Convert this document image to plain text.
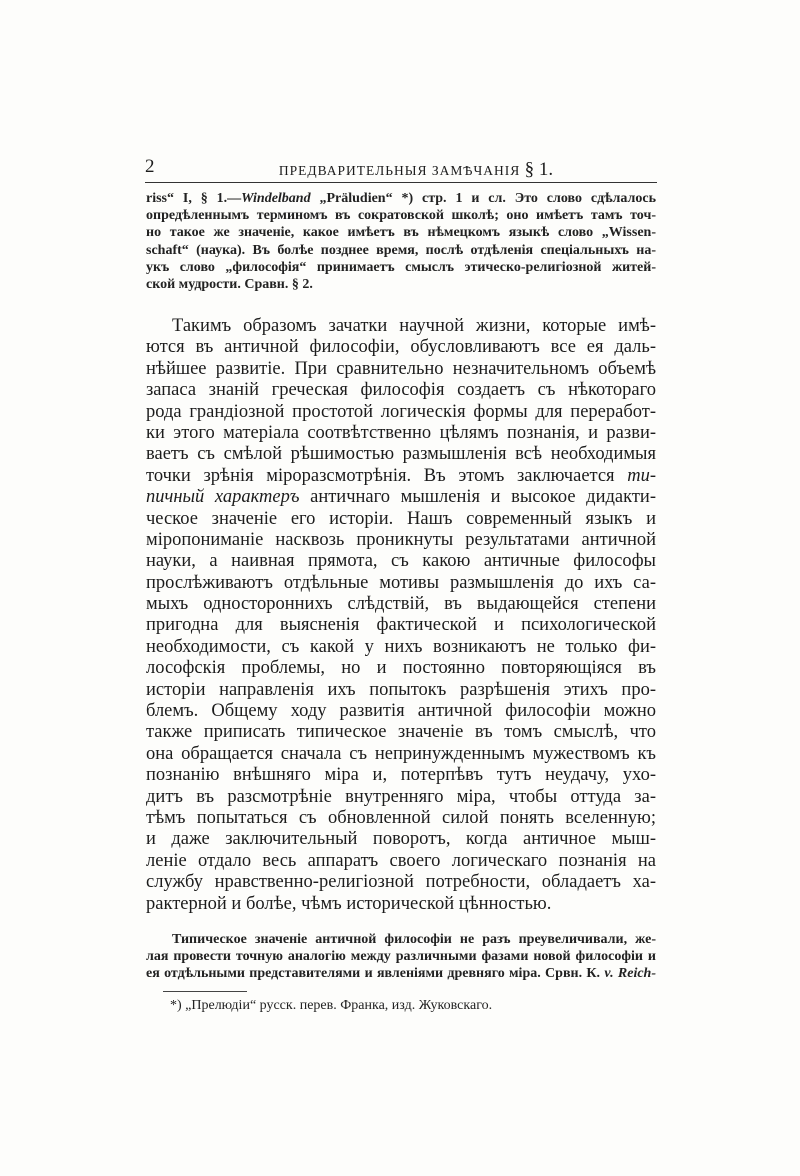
2	ПРЕДВАРИТЕЛЬНЫЯ ЗАМѢЧАНІЯ § 1.
riss“ I, § 1.—Windelband „Präludien“ *) стр. 1 и сл. Это слово сдѣлалось
опредѣленнымъ терминомъ въ сократовской школѣ; оно имѣетъ тамъ точ-
но такое же значеніе, какое имѣетъ въ нѣмецкомъ языкѣ слово „Wissen-
schaft“ (наука). Въ болѣе позднее время, послѣ отдѣленія спеціальныхъ на-
укъ слово „философія“ принимаетъ смыслъ этическо-религіозной житей-
ской мудрости. Сравн. § 2.
Такимъ образомъ зачатки научной жизни, которые имѣ-
ются въ античной философіи, обусловливаютъ все ея даль-
нѣйшее развитіе. При сравнительно незначительномъ объемѣ
запаса знаній греческая философія создаетъ съ нѣкотораго
рода грандіозной простотой логическія формы для переработ-
ки этого матеріала соотвѣтственно цѣлямъ познанія, и разви-
ваетъ съ смѣлой рѣшимостью размышленія всѣ необходимыя
точки зрѣнія міроразсмотрѣнія. Въ этомъ заключается ти-
пичный характеръ античнаго мышленія и высокое дидакти-
ческое значеніе его исторіи. Нашъ современный языкъ и
міропониманіе насквозь проникнуты результатами античной
науки, а наивная прямота, съ какою античные философы
прослѣживаютъ отдѣльные мотивы размышленія до ихъ са-
мыхъ одностороннихъ слѣдствій, въ выдающейся степени
пригодна для выясненія фактической и психологической
необходимости, съ какой у нихъ возникаютъ не только фи-
лософскія проблемы, но и постоянно повторяющіяся въ
исторіи направленія ихъ попытокъ разрѣшенія этихъ про-
блемъ. Общему ходу развитія античной философіи можно
также приписать типическое значеніе въ томъ смыслѣ, что
она обращается сначала съ непринужденнымъ мужествомъ къ
познанію внѣшняго міра и, потерпѣвъ тутъ неудачу, ухо-
дитъ въ разсмотрѣніе внутренняго міра, чтобы оттуда за-
тѣмъ попытаться съ обновленной силой понять вселенную;
и даже заключительный поворотъ, когда античное мыш-
леніе отдало весь аппаратъ своего логическаго познанія на
службу нравственно-религіозной потребности, обладаетъ ха-
рактерной и болѣе, чѣмъ исторической цѣнностью.
Типическое значеніе античной философіи не разъ преувеличивали, же-
лая провести точную аналогію между различными фазами новой философіи и
ея отдѣльными представителями и явленіями древняго міра. Срвн. К. v. Reich-
*) „Прелюдіи“ русск. перев. Франка, изд. Жуковскаго.
